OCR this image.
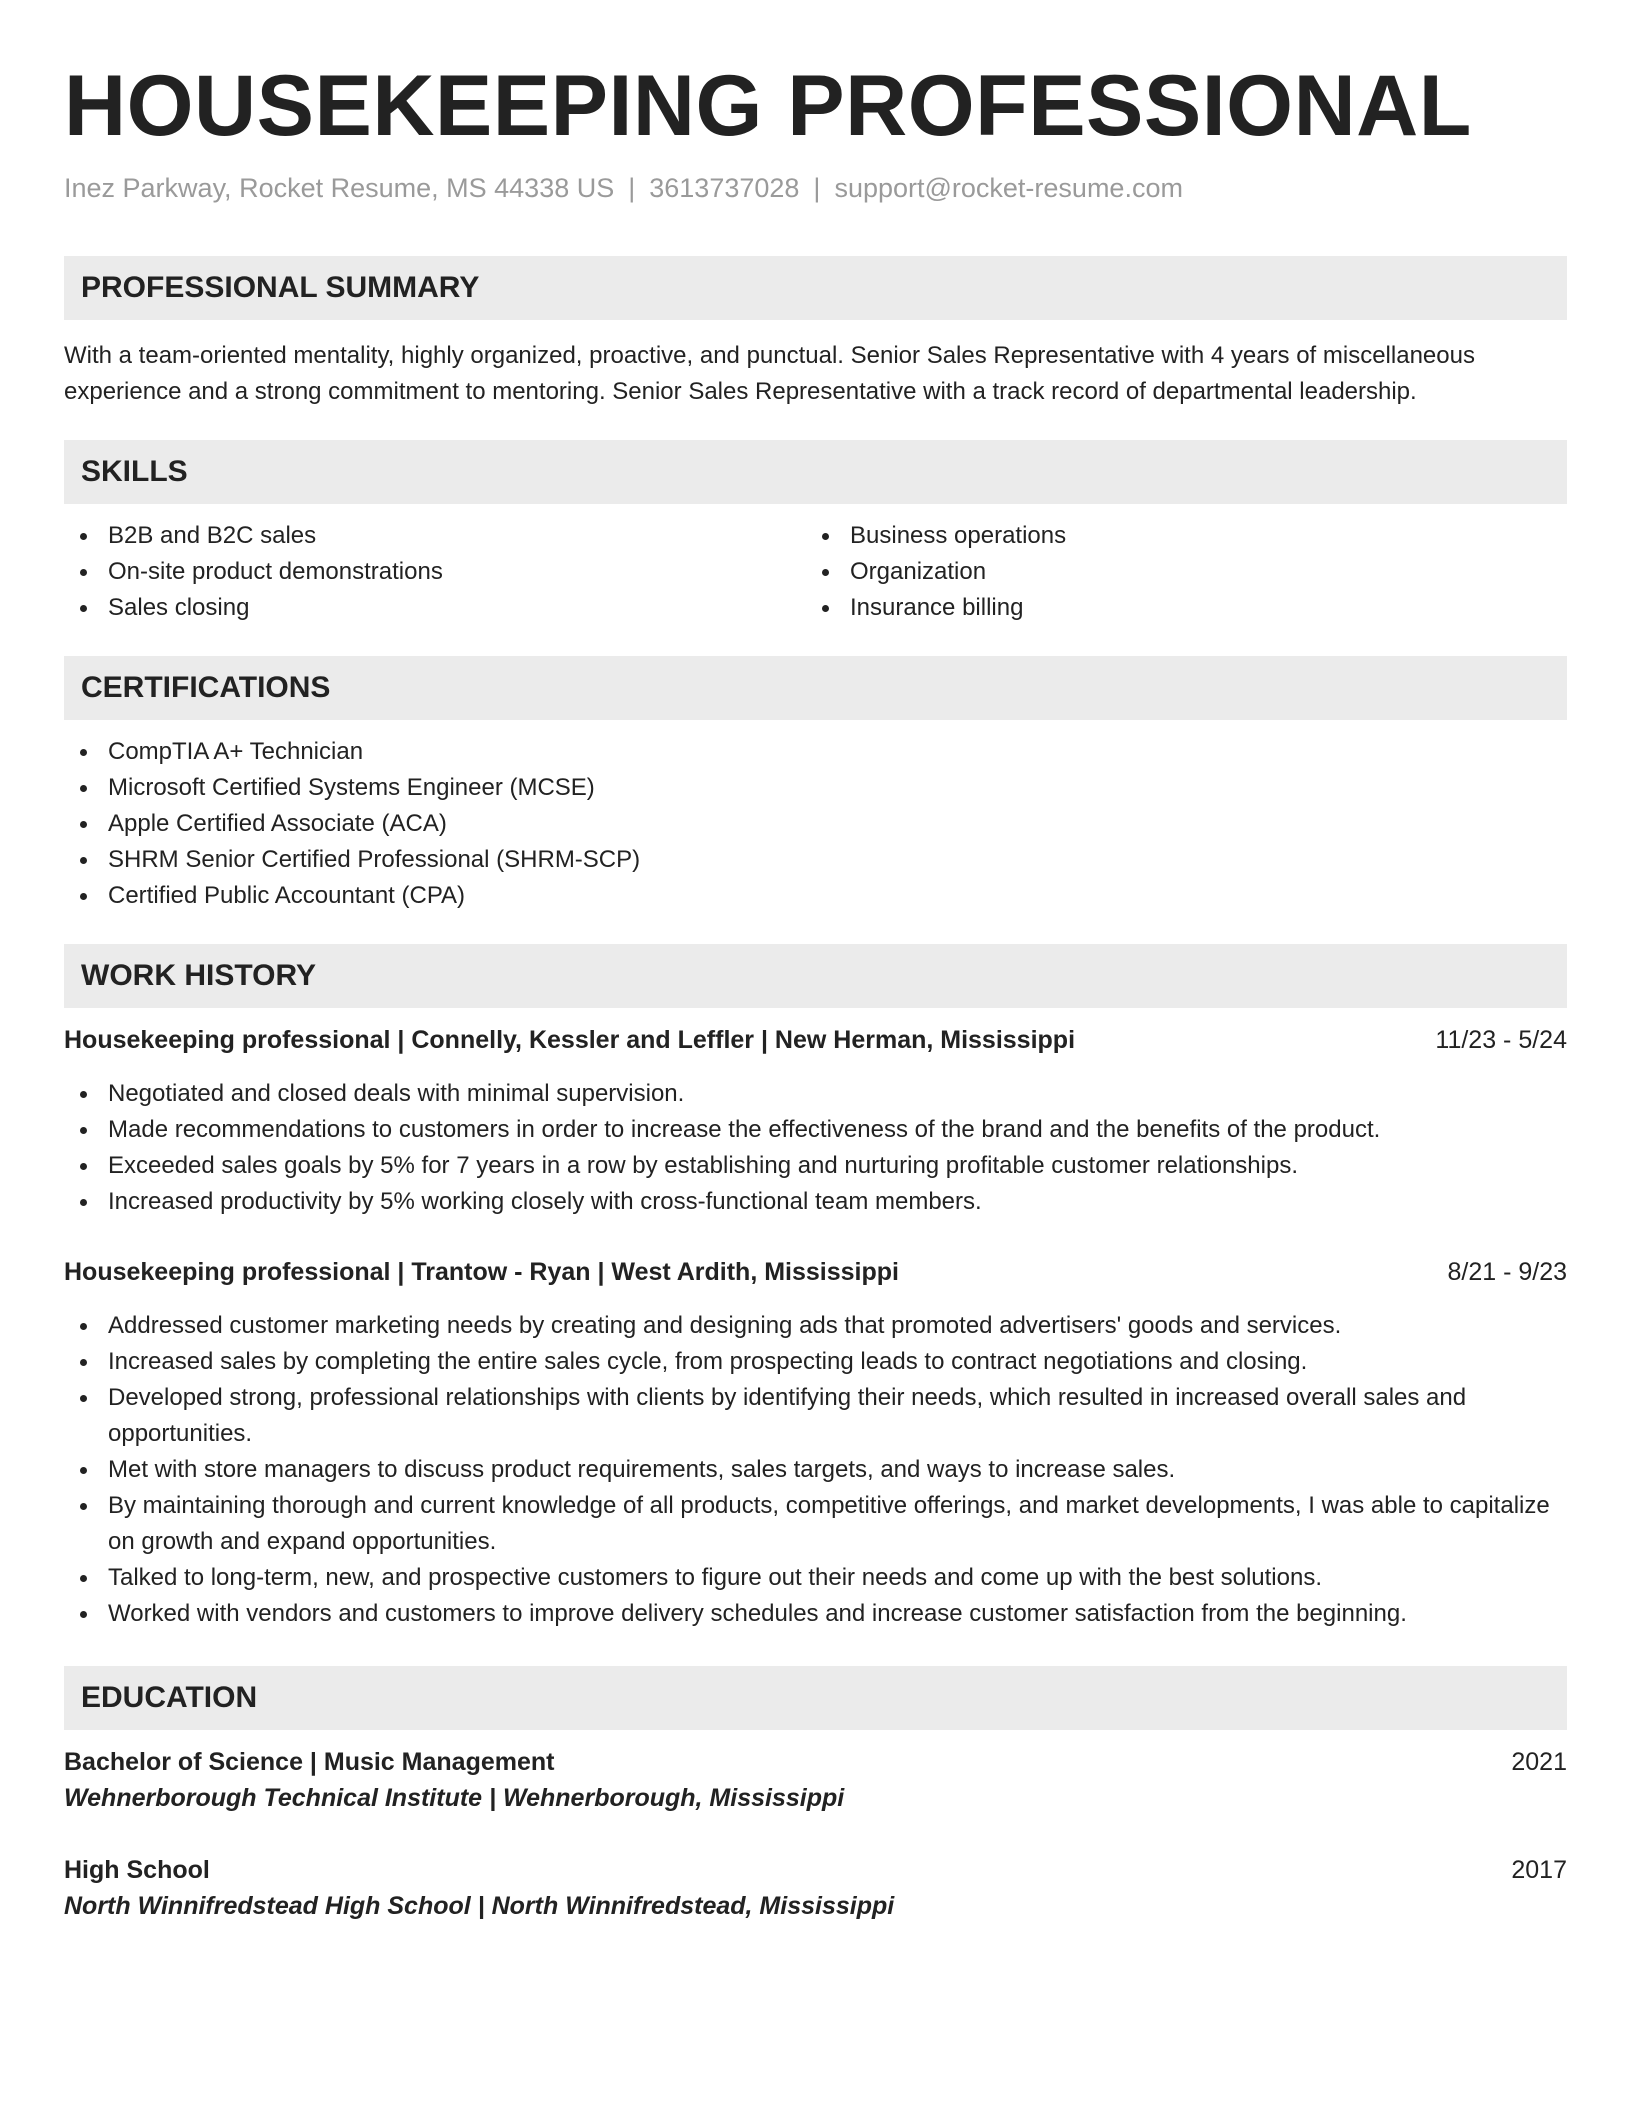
HOUSEKEEPING PROFESSIONAL
Inez Parkway, Rocket Resume, MS 44338 US | 3613737028 | support@rocket-resume.com
PROFESSIONAL SUMMARY

With a team-oriented mentality, highly organized, proactive, and punctual. Senior Sales Representative with 4 years of miscellaneous experience and a strong commitment to mentoring. Senior Sales Representative with a track record of departmental leadership.

SKILLS
B2B and B2C sales
On-site product demonstrations
Sales closing
Business operations
Organization
Insurance billing
CERTIFICATIONS
CompTIA A+ Technician
Microsoft Certified Systems Engineer (MCSE)
Apple Certified Associate (ACA)
SHRM Senior Certified Professional (SHRM-SCP)
Certified Public Accountant (CPA)
WORK HISTORY
Housekeeping professional | Connelly, Kessler and Leffler | New Herman, Mississippi	11/23 - 5/24
Negotiated and closed deals with minimal supervision.
Made recommendations to customers in order to increase the effectiveness of the brand and the benefits of the product.
Exceeded sales goals by 5% for 7 years in a row by establishing and nurturing profitable customer relationships.
Increased productivity by 5% working closely with cross-functional team members.
Housekeeping professional | Trantow - Ryan | West Ardith, Mississippi	8/21 - 9/23
Addressed customer marketing needs by creating and designing ads that promoted advertisers' goods and services.
Increased sales by completing the entire sales cycle, from prospecting leads to contract negotiations and closing.
Developed strong, professional relationships with clients by identifying their needs, which resulted in increased overall sales and opportunities.
Met with store managers to discuss product requirements, sales targets, and ways to increase sales.
By maintaining thorough and current knowledge of all products, competitive offerings, and market developments, I was able to capitalize on growth and expand opportunities.
Talked to long-term, new, and prospective customers to figure out their needs and come up with the best solutions.
Worked with vendors and customers to improve delivery schedules and increase customer satisfaction from the beginning.
EDUCATION
Bachelor of Science | Music Management	2021
Wehnerborough Technical Institute | Wehnerborough, Mississippi
High School	2017
North Winnifredstead High School | North Winnifredstead, Mississippi
